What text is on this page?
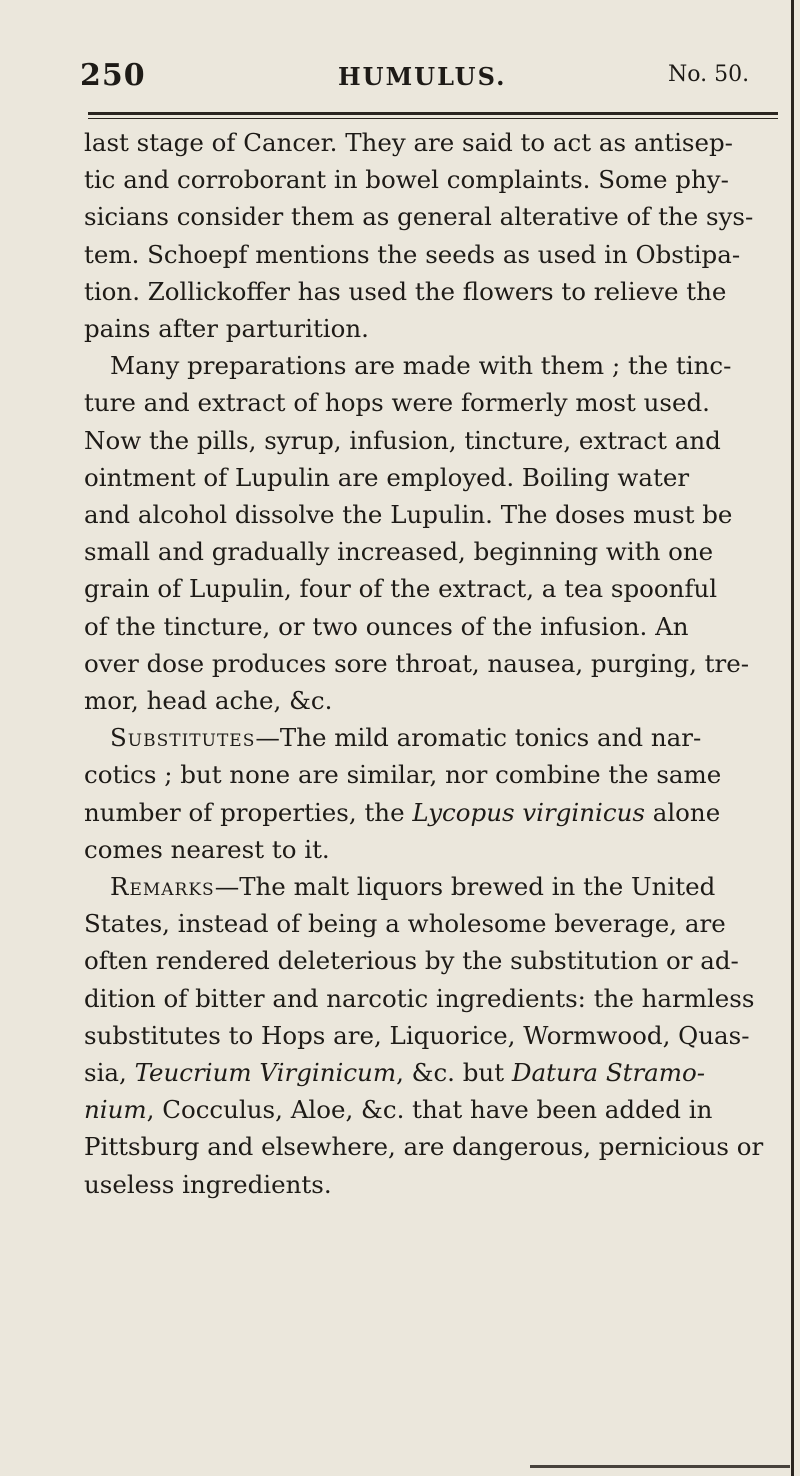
250	HUMULUS.	No. 50.
last stage of Cancer. They are said to act as antisep-
tic and corroborant in bowel complaints. Some phy-
sicians consider them as general alterative of the sys-
tem. Schoepf mentions the seeds as used in Obstipa-
tion. Zollickoffer has used the flowers to relieve the
pains after parturition.
Many preparations are made with them ; the tinc-
ture and extract of hops were formerly most used.
Now the pills, syrup, infusion, tincture, extract and
ointment of Lupulin are employed. Boiling water
and alcohol dissolve the Lupulin. The doses must be
small and gradually increased, beginning with one
grain of Lupulin, four of the extract, a tea spoonful
of the tincture, or two ounces of the infusion. An
over dose produces sore throat, nausea, purging, tre-
mor, head ache, &c.
Substitutes—The mild aromatic tonics and nar-
cotics ; but none are similar, nor combine the same
number of properties, the Lycopus virginicus alone
comes nearest to it.
Remarks—The malt liquors brewed in the United
States, instead of being a wholesome beverage, are
often rendered deleterious by the substitution or ad-
dition of bitter and narcotic ingredients: the harmless
substitutes to Hops are, Liquorice, Wormwood, Quas-
sia, Teucrium Virginicum, &c. but Datura Stramo-
nium, Cocculus, Aloe, &c. that have been added in
Pittsburg and elsewhere, are dangerous, pernicious or
useless ingredients.
